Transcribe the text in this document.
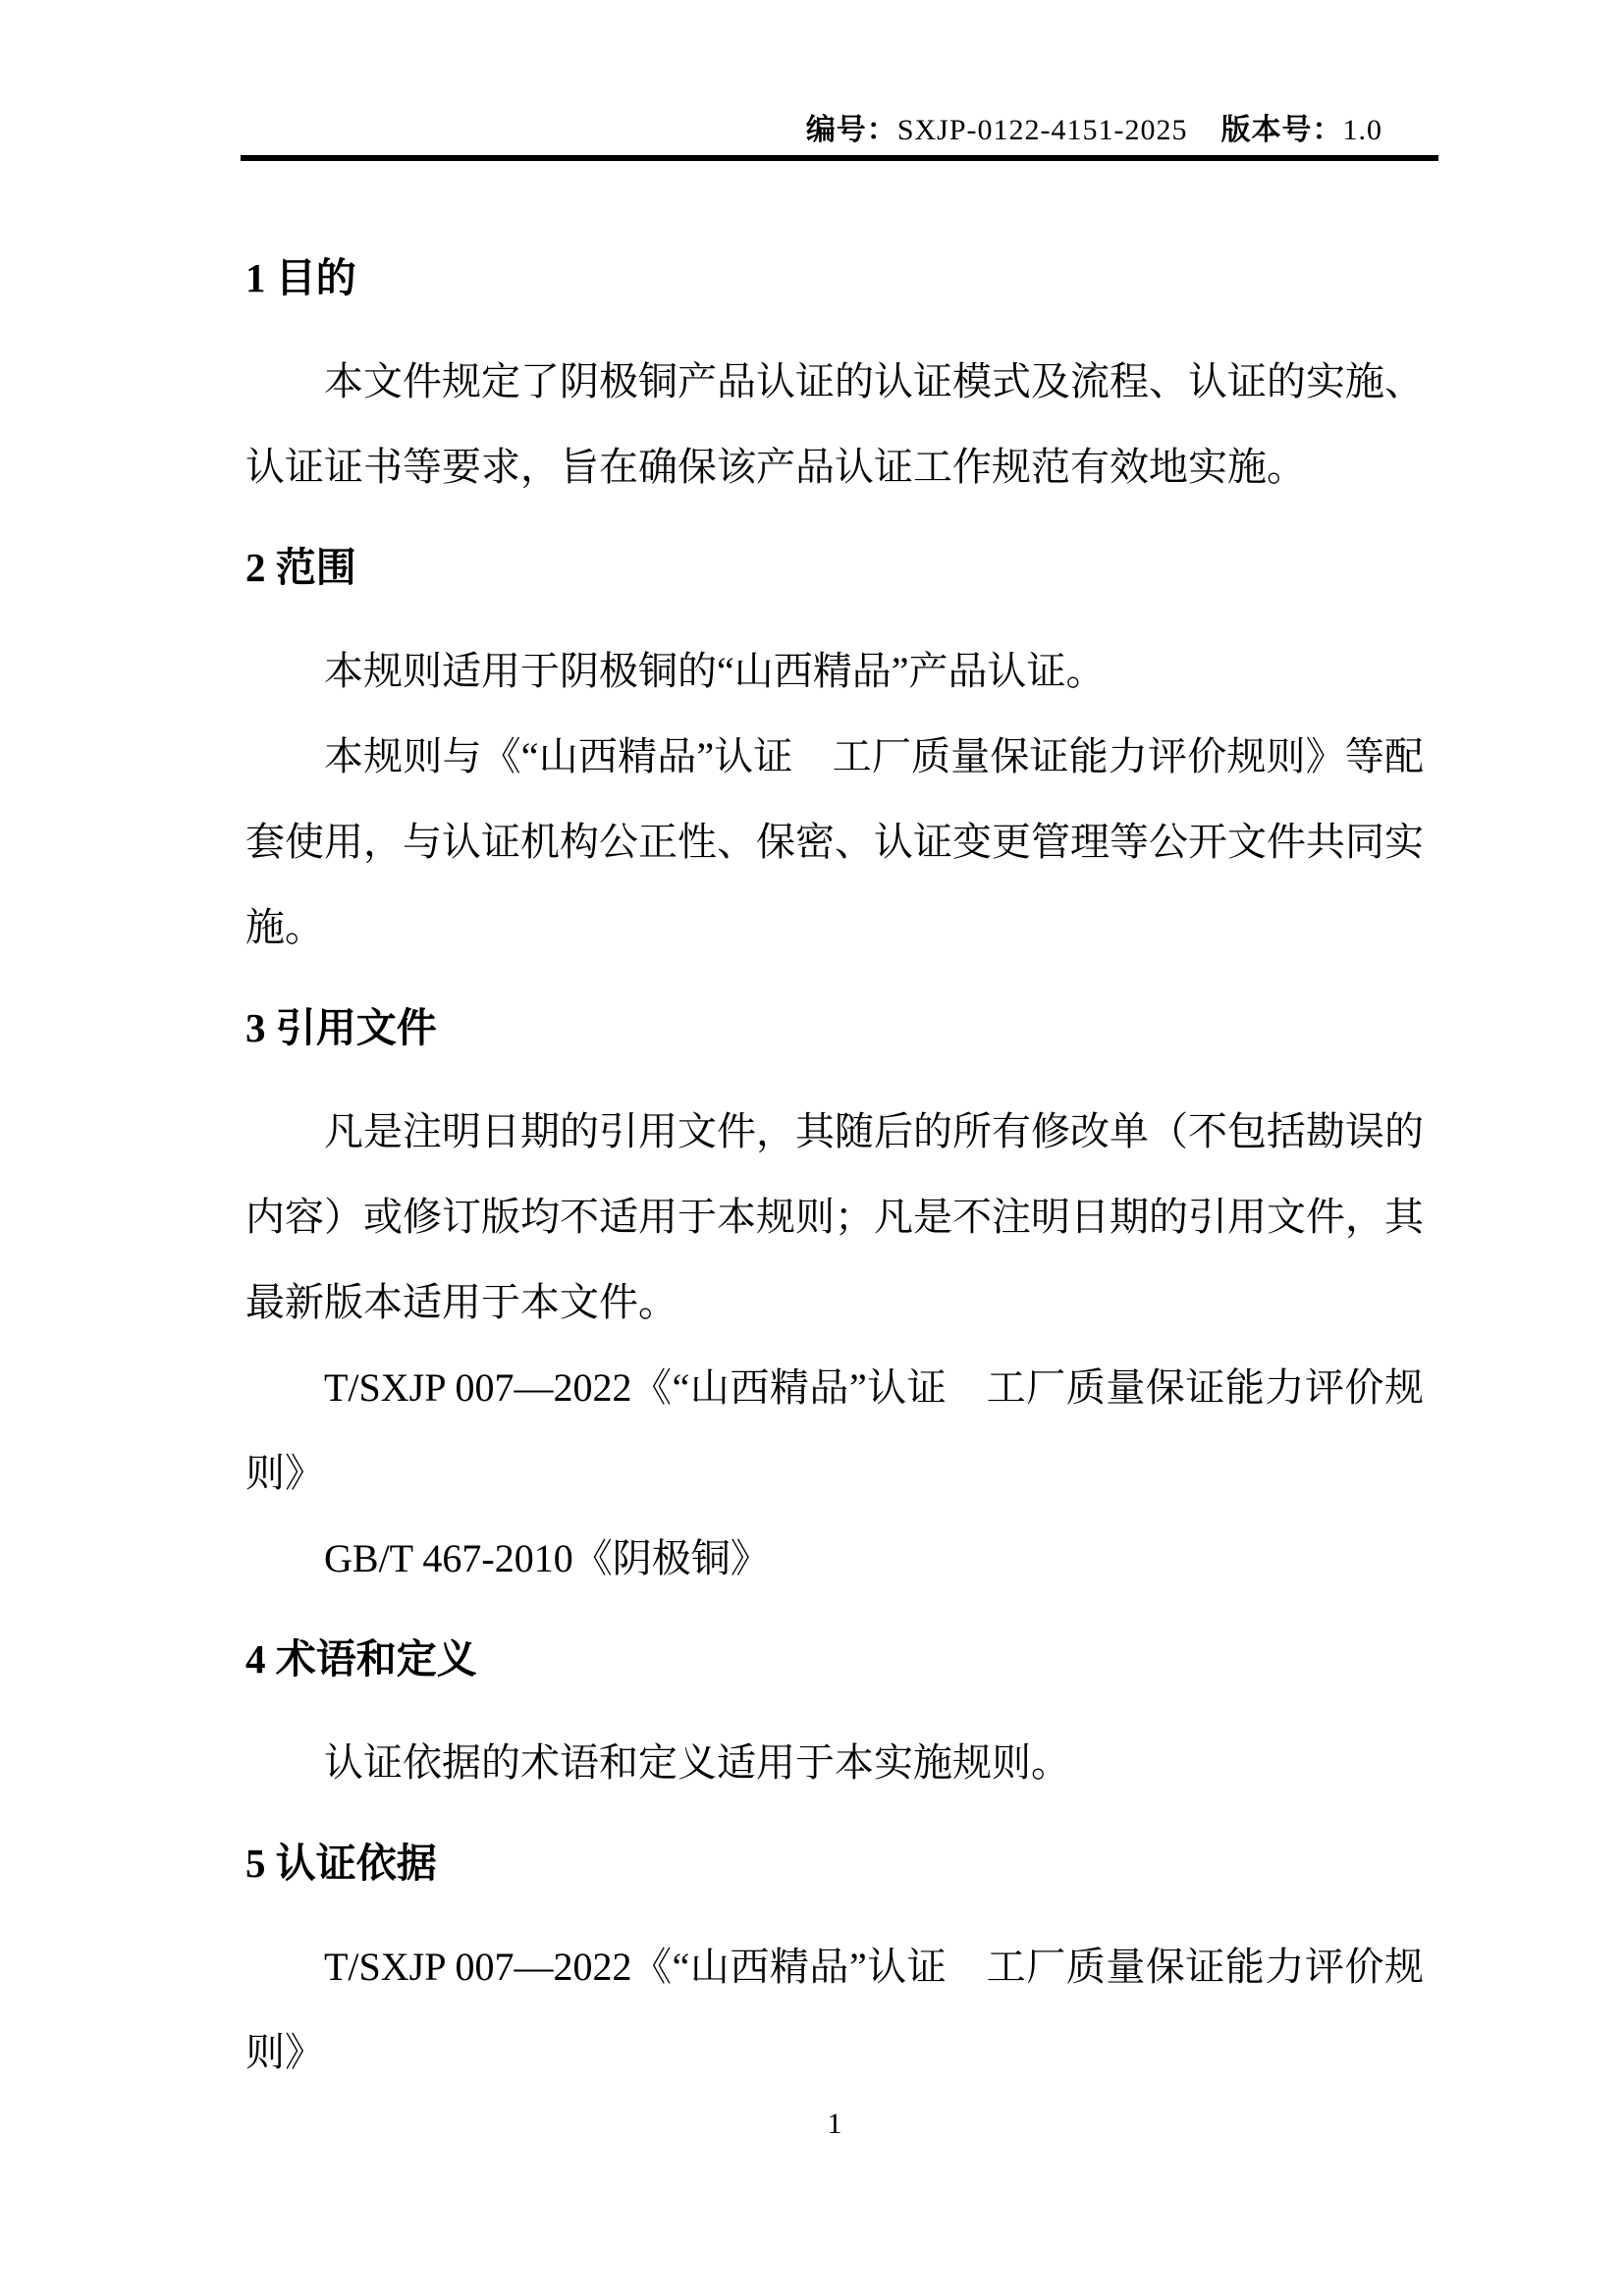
编号：SXJP-0122-4151-2025 版本号：1.0
1 目的

本文件规定了阴极铜产品认证的认证模式及流程、认证的实施、认证证书等要求，旨在确保该产品认证工作规范有效地实施。

2 范围

本规则适用于阴极铜的“山西精品”产品认证。

本规则与《“山西精品”认证　工厂质量保证能力评价规则》等配套使用，与认证机构公正性、保密、认证变更管理等公开文件共同实施。

3 引用文件

凡是注明日期的引用文件，其随后的所有修改单（不包括勘误的内容）或修订版均不适用于本规则；凡是不注明日期的引用文件，其最新版本适用于本文件。

T/SXJP 007—2022《“山西精品”认证　工厂质量保证能力评价规则》

GB/T 467-2010《阴极铜》

4 术语和定义

认证依据的术语和定义适用于本实施规则。

5 认证依据

T/SXJP 007—2022《“山西精品”认证　工厂质量保证能力评价规则》

1
